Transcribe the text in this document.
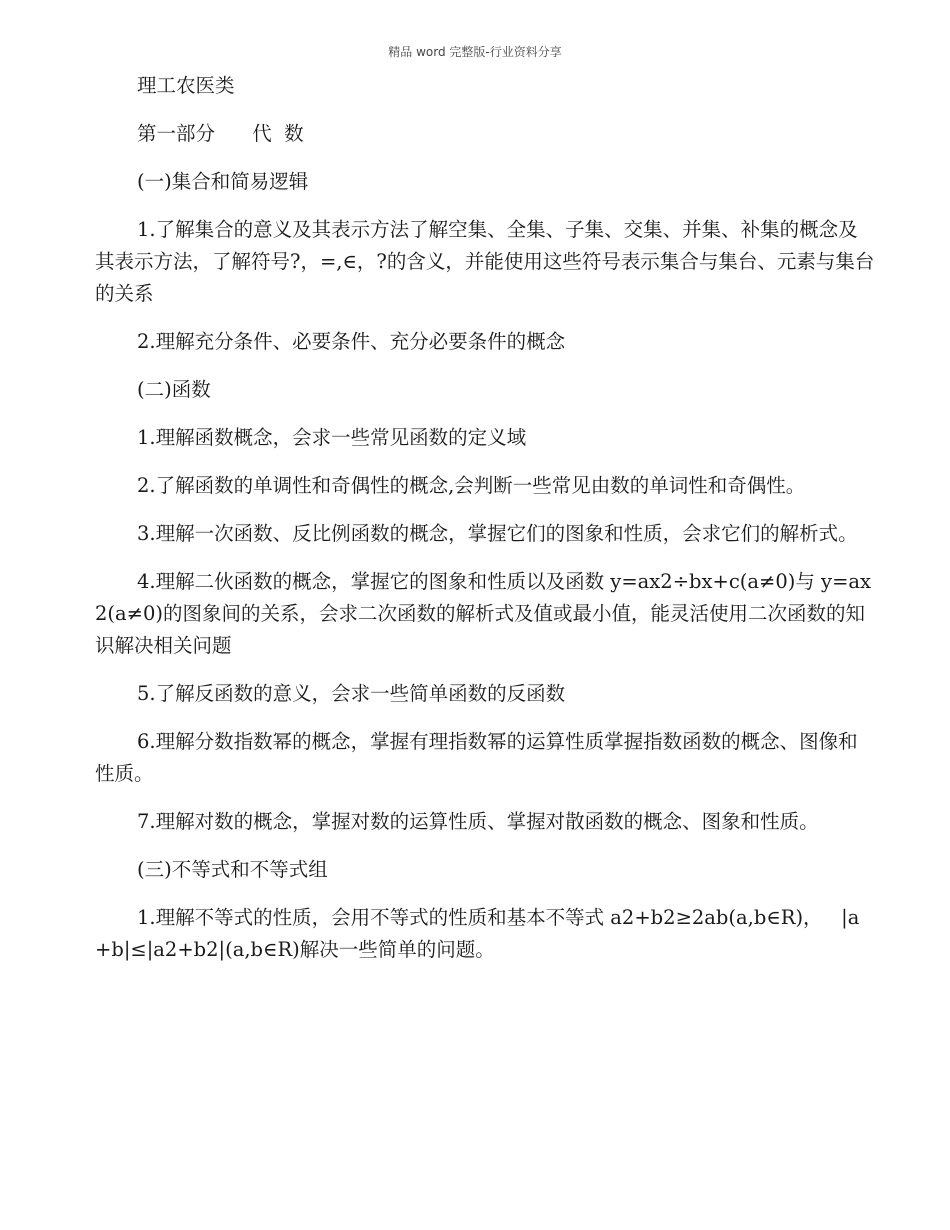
精品 word 完整版-行业资料分享

理工农医类

第一部分      代  数

(一)集合和简易逻辑

1.了解集合的意义及其表示方法了解空集、全集、子集、交集、并集、补集的概念及其表示方法，了解符号?，=,∈，?的含义，并能使用这些符号表示集合与集台、元素与集台的关系

2.理解充分条件、必要条件、充分必要条件的概念

(二)函数

1.理解函数概念，会求一些常见函数的定义域

2.了解函数的单调性和奇偶性的概念,会判断一些常见由数的单词性和奇偶性。

3.理解一次函数、反比例函数的概念，掌握它们的图象和性质，会求它们的解析式。

4.理解二伙函数的概念，掌握它的图象和性质以及函数 y=ax2÷bx+c(a≠0)与 y=ax2(a≠0)的图象间的关系，会求二次函数的解析式及值或最小值，能灵活使用二次函数的知识解决相关问题

5.了解反函数的意义，会求一些简单函数的反函数

6.理解分数指数幂的概念，掌握有理指数幂的运算性质掌握指数函数的概念、图像和性质。

7.理解对数的概念，掌握对数的运算性质、掌握对散函数的概念、图象和性质。

(三)不等式和不等式组

1.理解不等式的性质，会用不等式的性质和基本不等式 a2+b2≥2ab(a,b∈R)，   |a+b|≤|a2+b2|(a,b∈R)解决一些简单的问题。
